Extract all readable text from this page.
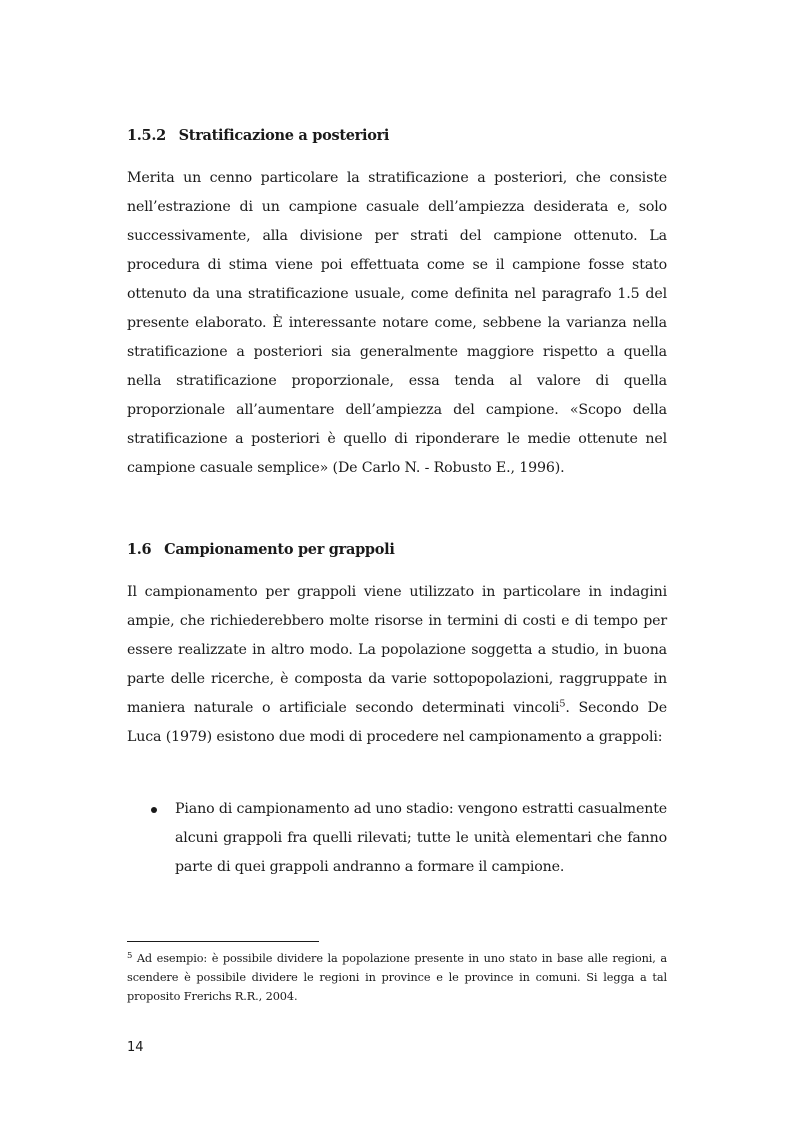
1.5.2 Stratificazione a posteriori
Merita un cenno particolare la stratificazione a posteriori, che consiste nell’estrazione di un campione casuale dell’ampiezza desiderata e, solo successivamente, alla divisione per strati del campione ottenuto. La procedura di stima viene poi effettuata come se il campione fosse stato ottenuto da una stratificazione usuale, come definita nel paragrafo 1.5 del presente elaborato. È interessante notare come, sebbene la varianza nella stratificazione a posteriori sia generalmente maggiore rispetto a quella nella stratificazione proporzionale, essa tenda al valore di quella proporzionale all’aumentare dell’ampiezza del campione. «Scopo della stratificazione a posteriori è quello di riponderare le medie ottenute nel campione casuale semplice» (De Carlo N. - Robusto E., 1996).
1.6 Campionamento per grappoli
Il campionamento per grappoli viene utilizzato in particolare in indagini ampie, che richiederebbero molte risorse in termini di costi e di tempo per essere realizzate in altro modo. La popolazione soggetta a studio, in buona parte delle ricerche, è composta da varie sottopopolazioni, raggruppate in maniera naturale o artificiale secondo determinati vincoli$^5$. Secondo De Luca (1979) esistono due modi di procedere nel campionamento a grappoli:
Piano di campionamento ad uno stadio: vengono estratti casualmente alcuni grappoli fra quelli rilevati; tutte le unità elementari che fanno parte di quei grappoli andranno a formare il campione.
$^5$ Ad esempio: è possibile dividere la popolazione presente in uno stato in base alle regioni, a scendere è possibile dividere le regioni in province e le province in comuni. Si legga a tal proposito Frerichs R.R., 2004.
14
